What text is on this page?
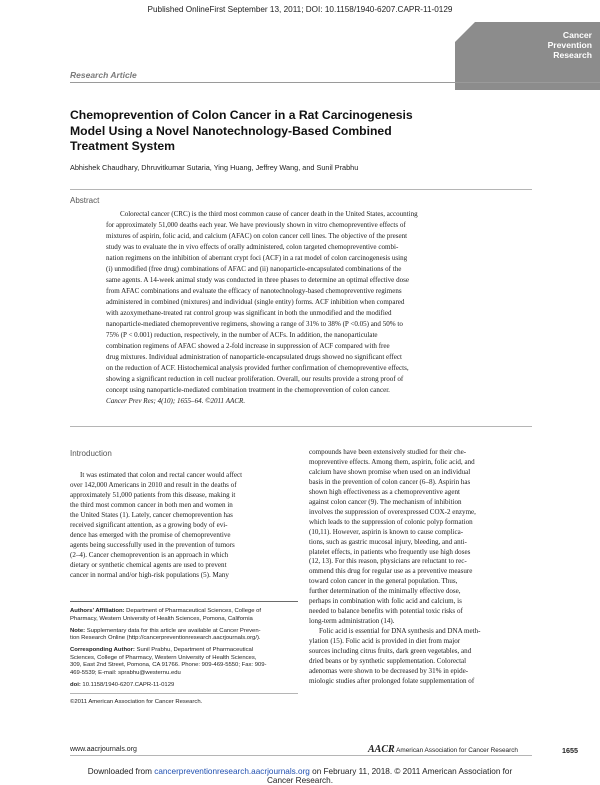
Published OnlineFirst September 13, 2011; DOI: 10.1158/1940-6207.CAPR-11-0129
Cancer
Prevention
Research
Research Article
Chemoprevention of Colon Cancer in a Rat Carcinogenesis
Model Using a Novel Nanotechnology-Based Combined
Treatment System
Abhishek Chaudhary, Dhruvitkumar Sutaria, Ying Huang, Jeffrey Wang, and Sunil Prabhu
Abstract
Colorectal cancer (CRC) is the third most common cause of cancer death in the United States, accounting
for approximately 51,000 deaths each year. We have previously shown in vitro chemopreventive effects of
mixtures of aspirin, folic acid, and calcium (AFAC) on colon cancer cell lines. The objective of the present
study was to evaluate the in vivo effects of orally administered, colon targeted chemopreventive combi-
nation regimens on the inhibition of aberrant crypt foci (ACF) in a rat model of colon carcinogenesis using
(i) unmodified (free drug) combinations of AFAC and (ii) nanoparticle-encapsulated combinations of the
same agents. A 14-week animal study was conducted in three phases to determine an optimal effective dose
from AFAC combinations and evaluate the efficacy of nanotechnology-based chemopreventive regimens
administered in combined (mixtures) and individual (single entity) forms. ACF inhibition when compared
with azoxymethane-treated rat control group was significant in both the unmodified and the modified
nanoparticle-mediated chemopreventive regimens, showing a range of 31% to 38% (P <0.05) and 50% to
75% (P < 0.001) reduction, respectively, in the number of ACFs. In addition, the nanoparticulate
combination regimens of AFAC showed a 2-fold increase in suppression of ACF compared with free
drug mixtures. Individual administration of nanoparticle-encapsulated drugs showed no significant effect
on the reduction of ACF. Histochemical analysis provided further confirmation of chemopreventive effects,
showing a significant reduction in cell nuclear proliferation. Overall, our results provide a strong proof of
concept using nanoparticle-mediated combination treatment in the chemoprevention of colon cancer.
Cancer Prev Res; 4(10); 1655–64. ©2011 AACR.
Introduction
It was estimated that colon and rectal cancer would affect
over 142,000 Americans in 2010 and result in the deaths of
approximately 51,000 patients from this disease, making it
the third most common cancer in both men and women in
the United States (1). Lately, cancer chemoprevention has
received significant attention, as a growing body of evi-
dence has emerged with the promise of chemopreventive
agents being successfully used in the prevention of tumors
(2–4). Cancer chemoprevention is an approach in which
dietary or synthetic chemical agents are used to prevent
cancer in normal and/or high-risk populations (5). Many
compounds have been extensively studied for their che-
mopreventive effects. Among them, aspirin, folic acid, and
calcium have shown promise when used on an individual
basis in the prevention of colon cancer (6–8). Aspirin has
shown high effectiveness as a chemopreventive agent
against colon cancer (9). The mechanism of inhibition
involves the suppression of overexpressed COX-2 enzyme,
which leads to the suppression of colonic polyp formation
(10,11). However, aspirin is known to cause complica-
tions, such as gastric mucosal injury, bleeding, and anti-
platelet effects, in patients who frequently use high doses
(12, 13). For this reason, physicians are reluctant to rec-
ommend this drug for regular use as a preventive measure
toward colon cancer in the general population. Thus,
further determination of the minimally effective dose,
perhaps in combination with folic acid and calcium, is
needed to balance benefits with potential toxic risks of
long-term administration (14).
Folic acid is essential for DNA synthesis and DNA meth-
ylation (15). Folic acid is provided in diet from major
sources including citrus fruits, dark green vegetables, and
dried beans or by synthetic supplementation. Colorectal
adenomas were shown to be decreased by 31% in epide-
miologic studies after prolonged folate supplementation of

Authors' Affiliation: Department of Pharmaceutical Sciences, College of
Pharmacy, Western University of Health Sciences, Pomona, California

Note: Supplementary data for this article are available at Cancer Preven-
tion Research Online (http://cancerpreventionresearch.aacrjournals.org/).

Corresponding Author: Sunil Prabhu, Department of Pharmaceutical
Sciences, College of Pharmacy, Western University of Health Sciences,
309, East 2nd Street, Pomona, CA 91766. Phone: 909-469-5550; Fax: 909-
469-5539; E-mail: sprabhu@westernu.edu

doi: 10.1158/1940-6207.CAPR-11-0129

©2011 American Association for Cancer Research.

www.aacrjournals.org	AACR American Association for Cancer Research	1655
Downloaded from cancerpreventionresearch.aacrjournals.org on February 11, 2018. © 2011 American Association for
Cancer Research.
